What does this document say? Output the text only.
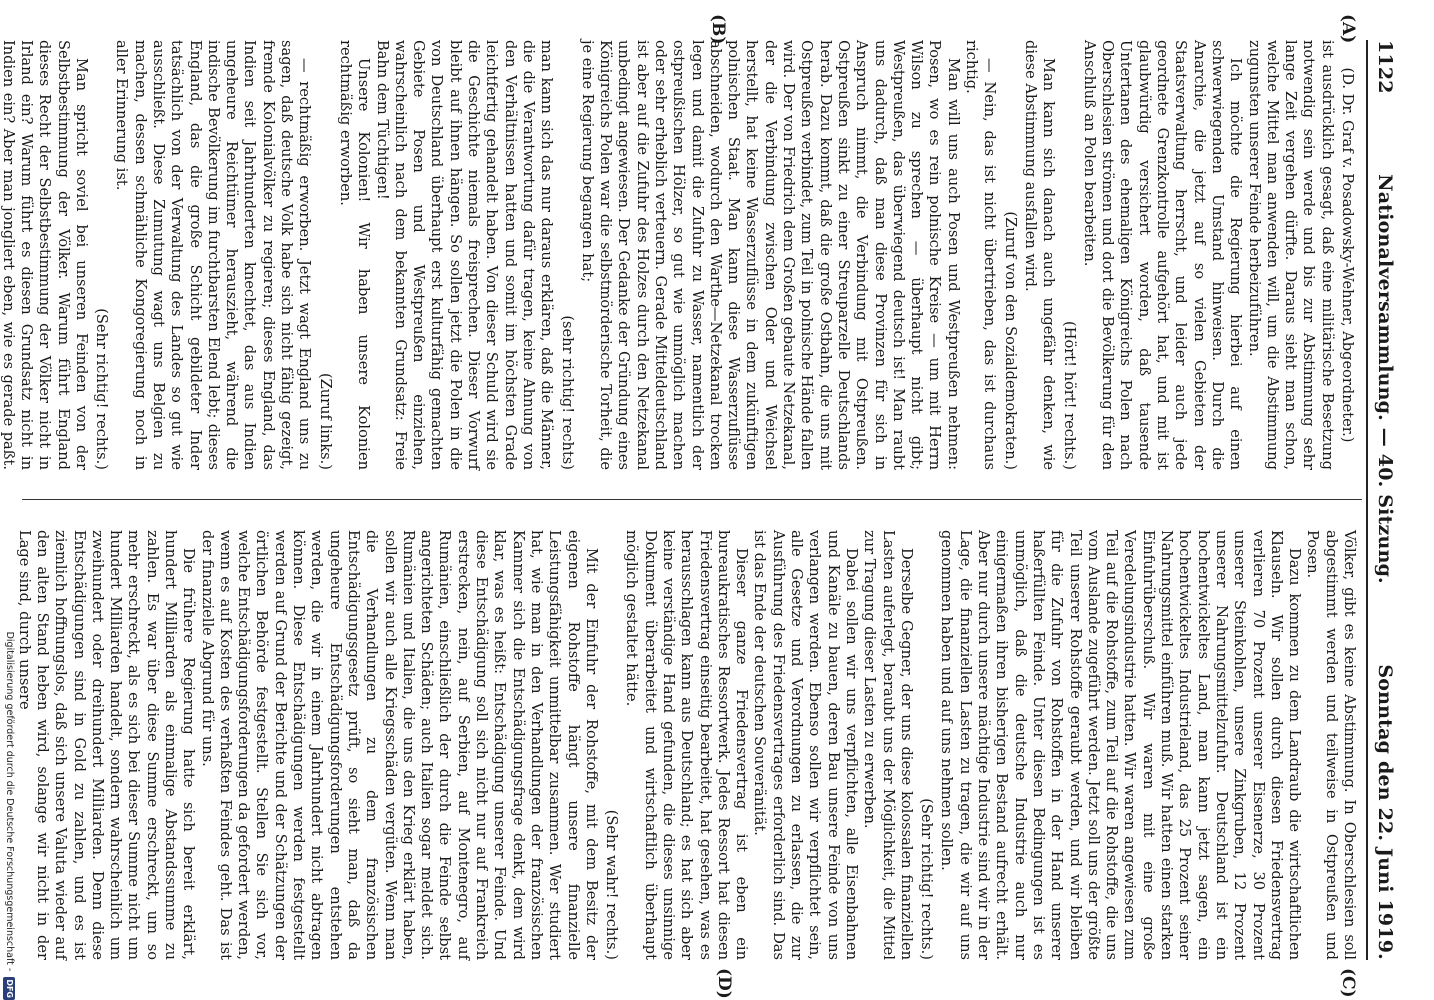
1122
Nationalversammlung. — 40. Sitzung.
Sonntag den 22. Juni 1919.
(A)
(B)
(C)
(D)

(D. Dr. Graf v. Posadowsky-Wehner, Abgeordneter.)

ist ausdrücklich gesagt, daß eine militärische Besetzung notwendig sein werde und bis zur Abstimmung sehr lange Zeit vergehen dürfte. Daraus sieht man schon, welche Mittel man anwenden will, um die Abstimmung zugunsten unserer Feinde herbeizuführen.

Ich möchte die Regierung hierbei auf einen schwerwiegenden Umstand hinweisen. Durch die Anarchie, die jetzt auf so vielen Gebieten der Staatsverwaltung herrscht, und leider auch jede geordnete Grenzkontrolle aufgehört hat, und mit ist glaubwürdig versichert worden, daß tausende Untertanen des ehemaligen Königreichs Polen nach Oberschlesien strömen und dort die Bevölkerung für den Anschluß an Polen bearbeiten.

(Hört! hört! rechts.)

Man kann sich danach auch ungefähr denken, wie diese Abstimmung ausfallen wird.

(Zuruf von den Sozialdemokraten.)

— Nein, das ist nicht übertrieben, das ist durchaus richtig.

Man will uns auch Posen und Westpreußen nehmen: Posen, wo es rein polnische Kreise — um mit Herrn Wilson zu sprechen — überhaupt nicht gibt; Westpreußen, das überwiegend deutsch ist! Man raubt uns dadurch, daß man diese Provinzen für sich in Anspruch nimmt, die Verbindung mit Ostpreußen. Ostpreußen sinkt zu einer Streuparzelle Deutschlands herab. Dazu kommt, daß die große Ostbahn, die uns mit Ostpreußen verbindet, zum Teil in polnische Hände fallen wird. Der von Friedrich dem Großen gebaute Netzekanal, der die Verbindung zwischen Oder und Weichsel herstellt, hat keine Wasserzuflüsse in dem zukünftigen polnischen Staat. Man kann diese Wasserzuflüsse abschneiden, wodurch den Warthe—Netzekanal trocken legen und damit die Zufuhr zu Wasser, namentlich der ostpreußischen Hölzer, so gut wie unmöglich machen oder sehr erheblich verteuern. Gerade Mitteldeutschland ist aber auf die Zufuhr des Holzes durch den Netzekanal unbedingt angewiesen. Der Gedanke der Gründung eines Königreichs Polen war die selbstmörderische Torheit, die je eine Regierung begangen hat;

(sehr richtig! rechts)

man kann sich das nur daraus erklären, daß die Männer, die die Verantwortung dafür tragen, keine Ahnung von den Verhältnissen hatten und somit im höchsten Grade leichtfertig gehandelt haben. Von dieser Schuld wird sie die Geschichte niemals freisprechen. Dieser Vorwurf bleibt auf ihnen hängen. So sollen jetzt die Polen in die von Deutschland überhaupt erst kulturfähig gemachten Gebiete Posen und Westpreußen einziehen, wahrscheinlich nach dem bekannten Grundsatz: Freie Bahn dem Tüchtigen!

Unsere Kolonien! Wir haben unsere Kolonien rechtmäßig erworben.

(Zuruf links.)

— rechtmäßig erworben. Jetzt wagt England uns zu sagen, daß deutsche Volk habe sich nicht fähig gezeigt, fremde Kolonialvölker zu regieren; dieses England, das Indien seit Jahrhunderten knechtet, das aus Indien ungeheure Reichtümer herauszieht, während die indische Bevölkerung im furchtbarsten Elend lebt; dieses England, das die große Schicht gebildeter Inder tatsächlich von der Verwaltung des Landes so gut wie ausschließt. Diese Zumutung wagt uns Belgien zu machen, dessen schmähliche Kongoregierung noch in aller Erinnerung ist.

(Sehr richtig! rechts.)

Man spricht soviel bei unseren Feinden von der Selbstbestimmung der Völker. Warum führt England dieses Recht der Selbstbestimmung der Völker nicht in Irland ein? Warum führt es diesen Grundsatz nicht in Indien ein? Aber man jongliert eben, wie es gerade paßt.

Völker, gibt es keine Abstimmung. In Oberschlesien soll abgestimmt werden und teilweise in Ostpreußen und Posen.

Dazu kommen zu dem Landraub die wirtschaftlichen Klauseln. Wir sollen durch diesen Friedensvertrag verlieren 70 Prozent unserer Eisenerze, 30 Prozent unserer Steinkohlen, unsere Zinkgruben, 12 Prozent unserer Nahrungsmittelzufuhr. Deutschland ist ein hochentwickeltes Land, man kann jetzt sagen, ein hochentwickeltes Industrieland, das 25 Prozent seiner Nahrungsmittel einführen muß. Wir hatten einen starken Einfuhrüberschuß. Wir waren mit eine große Veredelungsindustrie hatten. Wir waren angewiesen zum Teil auf die Rohstoffe, zum Teil auf die Rohstoffe, die uns vom Auslande zugeführt werden. Jetzt soll uns der größte Teil unserer Rohstoffe geraubt werden, und wir bleiben für die Zufuhr von Rohstoffen in der Hand unserer haßerfüllten Feinde. Unter diesen Bedingungen ist es unmöglich, daß die deutsche Industrie auch nur einigermaßen ihren bisherigen Bestand aufrecht erhält. Aber nur durch unsere mächtige Industrie sind wir in der Lage, die finanziellen Lasten zu tragen, die wir auf uns genommen haben und auf uns nehmen sollen.

(Sehr richtig! rechts.)

Derselbe Gegner, der uns diese kolossalen finanziellen Lasten auferlegt, beraubt uns der Möglichkeit, die Mittel zur Tragung dieser Lasten zu erwerben.

Dabei sollen wir uns verpflichten, alle Eisenbahnen und Kanäle zu bauen, deren Bau unsere Feinde von uns verlangen werden. Ebenso sollen wir verpflichtet sein, alle Gesetze und Verordnungen zu erlassen, die zur Ausführung des Friedensvertrages erforderlich sind. Das ist das Ende der deutschen Souveränität.

Dieser ganze Friedensvertrag ist eben ein bureaukratisches Ressortwerk. Jedes Ressort hat diesen Friedensvertrag einseitig bearbeitet, hat gesehen, was es herausschlagen kann aus Deutschland; es hat sich aber keine verständige Hand gefunden, die dieses unsinnige Dokument überarbeitet und wirtschaftlich überhaupt möglich gestaltet hätte.

(Sehr wahr! rechts.)

Mit der Einfuhr der Rohstoffe, mit dem Besitz der eigenen Rohstoffe hängt unsere finanzielle Leistungsfähigkeit unmittelbar zusammen. Wer studiert hat, wie man in den Verhandlungen der französischen Kammer sich die Entschädigungsfrage denkt, dem wird klar, was es heißt: Entschädigung unserer Feinde. Und diese Entschädigung soll sich nicht nur auf Frankreich erstrecken, nein, auf Serbien, auf Montenegro, auf Rumänien, einschließlich der durch die Feinde selbst angerichteten Schäden; auch Italien sogar meldet sich. Rumänien und Italien, die uns den Krieg erklärt haben, sollen wir auch alle Kriegsschäden vergüten. Wenn man die Verhandlungen zu dem französischen Entschädigungsgesetz prüft, so sieht man, daß da ungeheure Entschädigungsforderungen entstehen werden, die wir in einem Jahrhundert nicht abtragen können. Diese Entschädigungen werden festgestellt werden auf Grund der Berichte und der Schätzungen der örtlichen Behörde festgestellt. Stellen Sie sich vor, welche Entschädigungsforderungen da gefordert werden, wenn es auf Kosten des verhaßten Feindes geht. Das ist der finanzielle Abgrund für uns.

Die frühere Regierung hatte sich bereit erklärt, hundert Milliarden als einmalige Abstandssumme zu zahlen. Es war über diese Summe erschreckt, um so mehr erschreckt, als es sich bei dieser Summe nicht um hundert Milliarden handelt, sondern wahrscheinlich um zweihundert oder dreihundert Milliarden. Denn diese Entschädigungen sind in Gold zu zahlen, und es ist ziemlich hoffnungslos, daß sich unsere Valuta wieder auf den alten Stand heben wird, solange wir nicht in der Lage sind, durch unsere

Digitalisierung gefördert durch die Deutsche Forschungsgemeinschaft -
DFG
